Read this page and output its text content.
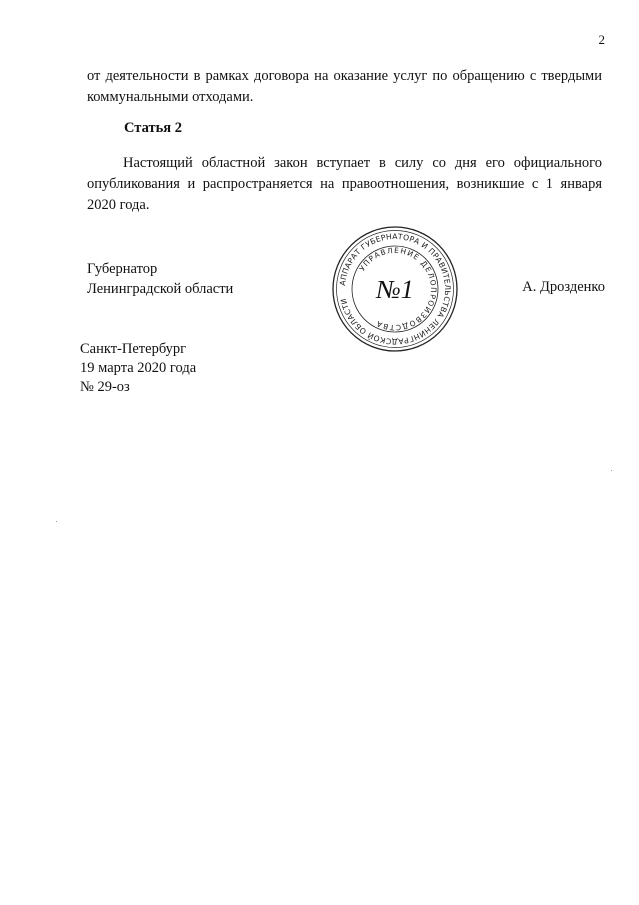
2
от деятельности в рамках договора на оказание услуг по обращению с твердыми коммунальными отходами.
Статья 2
Настоящий областной закон вступает в силу со дня его официального опубликования и распространяется на правоотношения, возникшие с 1 января 2020 года.
Губернатор
Ленинградской области	АППАРАТ ГУБЕРНАТОРА И ПРАВИТЕЛЬСТВА ЛЕНИНГРАДСКОЙ ОБЛАСТИ
УПРАВЛЕНИЕ ДЕЛОПРОИЗВОДСТВА
№1	А. Дрозденко
Санкт-Петербург
19 марта 2020 года
№ 29-оз
